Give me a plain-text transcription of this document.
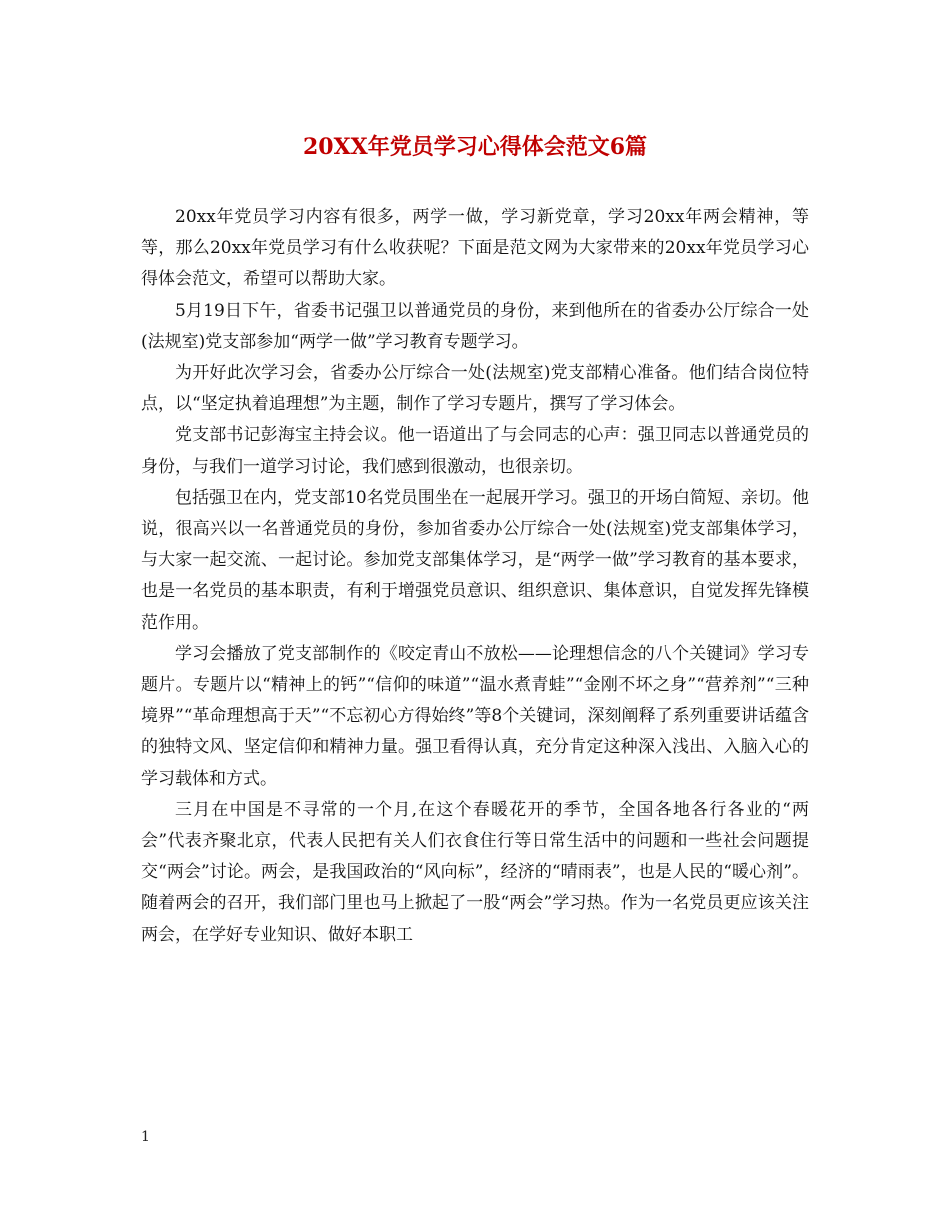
20XX年党员学习心得体会范文6篇

20xx年党员学习内容有很多，两学一做，学习新党章，学习20xx年两会精神，等等，那么20xx年党员学习有什么收获呢？下面是范文网为大家带来的20xx年党员学习心得体会范文，希望可以帮助大家。

5月19日下午，省委书记强卫以普通党员的身份，来到他所在的省委办公厅综合一处(法规室)党支部参加“两学一做”学习教育专题学习。

为开好此次学习会，省委办公厅综合一处(法规室)党支部精心准备。他们结合岗位特点，以“坚定执着追理想”为主题，制作了学习专题片，撰写了学习体会。

党支部书记彭海宝主持会议。他一语道出了与会同志的心声：强卫同志以普通党员的身份，与我们一道学习讨论，我们感到很激动，也很亲切。

包括强卫在内，党支部10名党员围坐在一起展开学习。强卫的开场白简短、亲切。他说，很高兴以一名普通党员的身份，参加省委办公厅综合一处(法规室)党支部集体学习，与大家一起交流、一起讨论。参加党支部集体学习，是“两学一做”学习教育的基本要求，也是一名党员的基本职责，有利于增强党员意识、组织意识、集体意识，自觉发挥先锋模范作用。

学习会播放了党支部制作的《咬定青山不放松——论理想信念的八个关键词》学习专题片。专题片以“精神上的钙”“信仰的味道”“温水煮青蛙”“金刚不坏之身”“营养剂”“三种境界”“革命理想高于天”“不忘初心方得始终”等8个关键词，深刻阐释了系列重要讲话蕴含的独特文风、坚定信仰和精神力量。强卫看得认真，充分肯定这种深入浅出、入脑入心的学习载体和方式。

三月在中国是不寻常的一个月,在这个春暖花开的季节，全国各地各行各业的“两会”代表齐聚北京，代表人民把有关人们衣食住行等日常生活中的问题和一些社会问题提交“两会”讨论。两会，是我国政治的“风向标”，经济的“晴雨表”，也是人民的“暖心剂”。随着两会的召开，我们部门里也马上掀起了一股“两会”学习热。作为一名党员更应该关注两会，在学好专业知识、做好本职工

1
